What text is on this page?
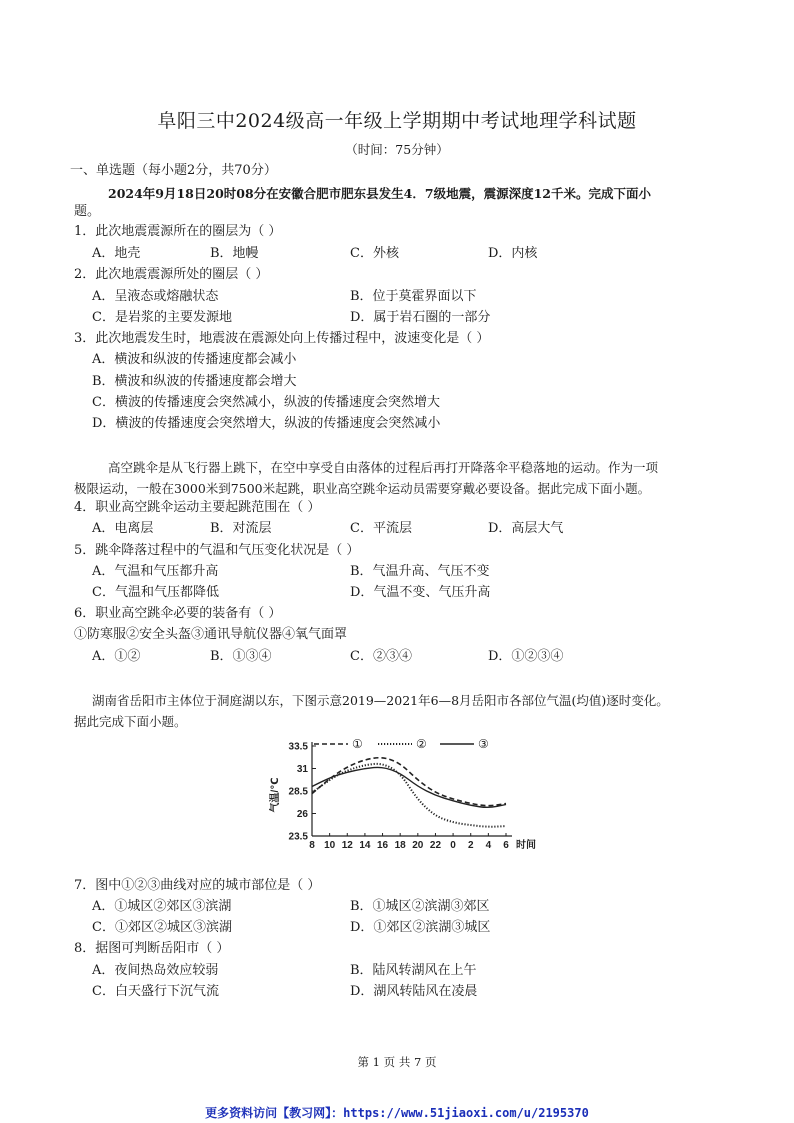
阜阳三中2024级高一年级上学期期中考试地理学科试题
（时间：75分钟）
一、单选题（每小题2分，共70分）
2024年9月18日20时08分在安徽合肥市肥东县发生4．7级地震，震源深度12千米。完成下面小
题。
1．此次地震震源所在的圈层为（ ）
A．地壳	B．地幔	C．外核	D．内核
2．此次地震震源所处的圈层（ ）
A．呈液态或熔融状态	B．位于莫霍界面以下
C．是岩浆的主要发源地	D．属于岩石圈的一部分
3．此次地震发生时，地震波在震源处向上传播过程中，波速变化是（ ）
A．横波和纵波的传播速度都会减小
B．横波和纵波的传播速度都会增大
C．横波的传播速度会突然减小，纵波的传播速度会突然增大
D．横波的传播速度会突然增大，纵波的传播速度会突然减小
高空跳伞是从飞行器上跳下，在空中享受自由落体的过程后再打开降落伞平稳落地的运动。作为一项
极限运动，一般在3000米到7500米起跳，职业高空跳伞运动员需要穿戴必要设备。据此完成下面小题。
4．职业高空跳伞运动主要起跳范围在（ ）
A．电离层	B．对流层	C．平流层	D．高层大气
5．跳伞降落过程中的气温和气压变化状况是（ ）
A．气温和气压都升高	B．气温升高、气压不变
C．气温和气压都降低	D．气温不变、气压升高
6．职业高空跳伞必要的装备有（ ）
①防寒服②安全头盔③通讯导航仪器④氧气面罩
A．①②	B．①③④	C．②③④	D．①②③④
湖南省岳阳市主体位于洞庭湖以东，下图示意2019—2021年6—8月岳阳市各部位气温(均值)逐时变化。
据此完成下面小题。
33.5
31
28.5
26
23.5
8 10 12 14 16 18 20 22 0 2 4 6
气温/℃
时间
①	②	③
7．图中①②③曲线对应的城市部位是（ ）
A．①城区②郊区③滨湖	B．①城区②滨湖③郊区
C．①郊区②城区③滨湖	D．①郊区②滨湖③城区
8．据图可判断岳阳市（ ）
A．夜间热岛效应较弱	B．陆风转湖风在上午
C．白天盛行下沉气流	D．湖风转陆风在凌晨
第 1 页 共 7 页
更多资料访问【教习网】：https://www.51jiaoxi.com/u/2195370
